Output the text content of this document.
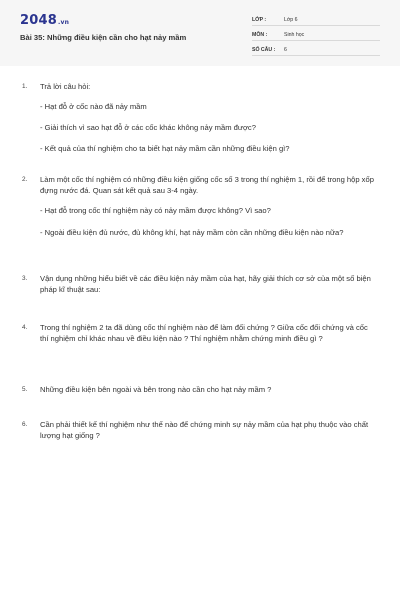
2048.vn
Bài 35: Những điều kiện cần cho hạt nảy mầm
LỚP :	Lớp 6
MÔN :	Sinh học
SỐ CÂU : 6
1. Trả lời câu hỏi:
- Hạt đỗ ở cốc nào đã nảy mầm
- Giải thích vì sao hạt đỗ ở các cốc khác không nảy mầm được?
- Kết quả của thí nghiệm cho ta biết hạt nảy mầm cần những điều kiện gì?
2. Làm một cốc thí nghiệm có những điều kiện giống cốc số 3 trong thí nghiệm 1, rồi để trong hộp xốp đựng nước đá. Quan sát kết quả sau 3-4 ngày.
- Hạt đỗ trong cốc thí nghiệm này có nảy mầm được không? Vì sao?
- Ngoài điều kiện đủ nước, đủ không khí, hạt nảy mầm còn cần những điều kiện nào nữa?
3. Vận dụng những hiểu biết về các điều kiện nảy mầm của hạt, hãy giải thích cơ sở của một số biện pháp kĩ thuật sau:
4. Trong thí nghiệm 2 ta đã dùng cốc thí nghiệm nào để làm đối chứng ? Giữa cốc đối chứng và cốc thí nghiệm chỉ khác nhau về điều kiện nào ? Thí nghiệm nhằm chứng minh điều gì ?
5. Những điều kiện bên ngoài và bên trong nào cần cho hạt nảy mầm ?
6. Cần phải thiết kế thí nghiệm như thế nào để chứng minh sự nảy mầm của hạt phụ thuộc vào chất lượng hạt giống ?
